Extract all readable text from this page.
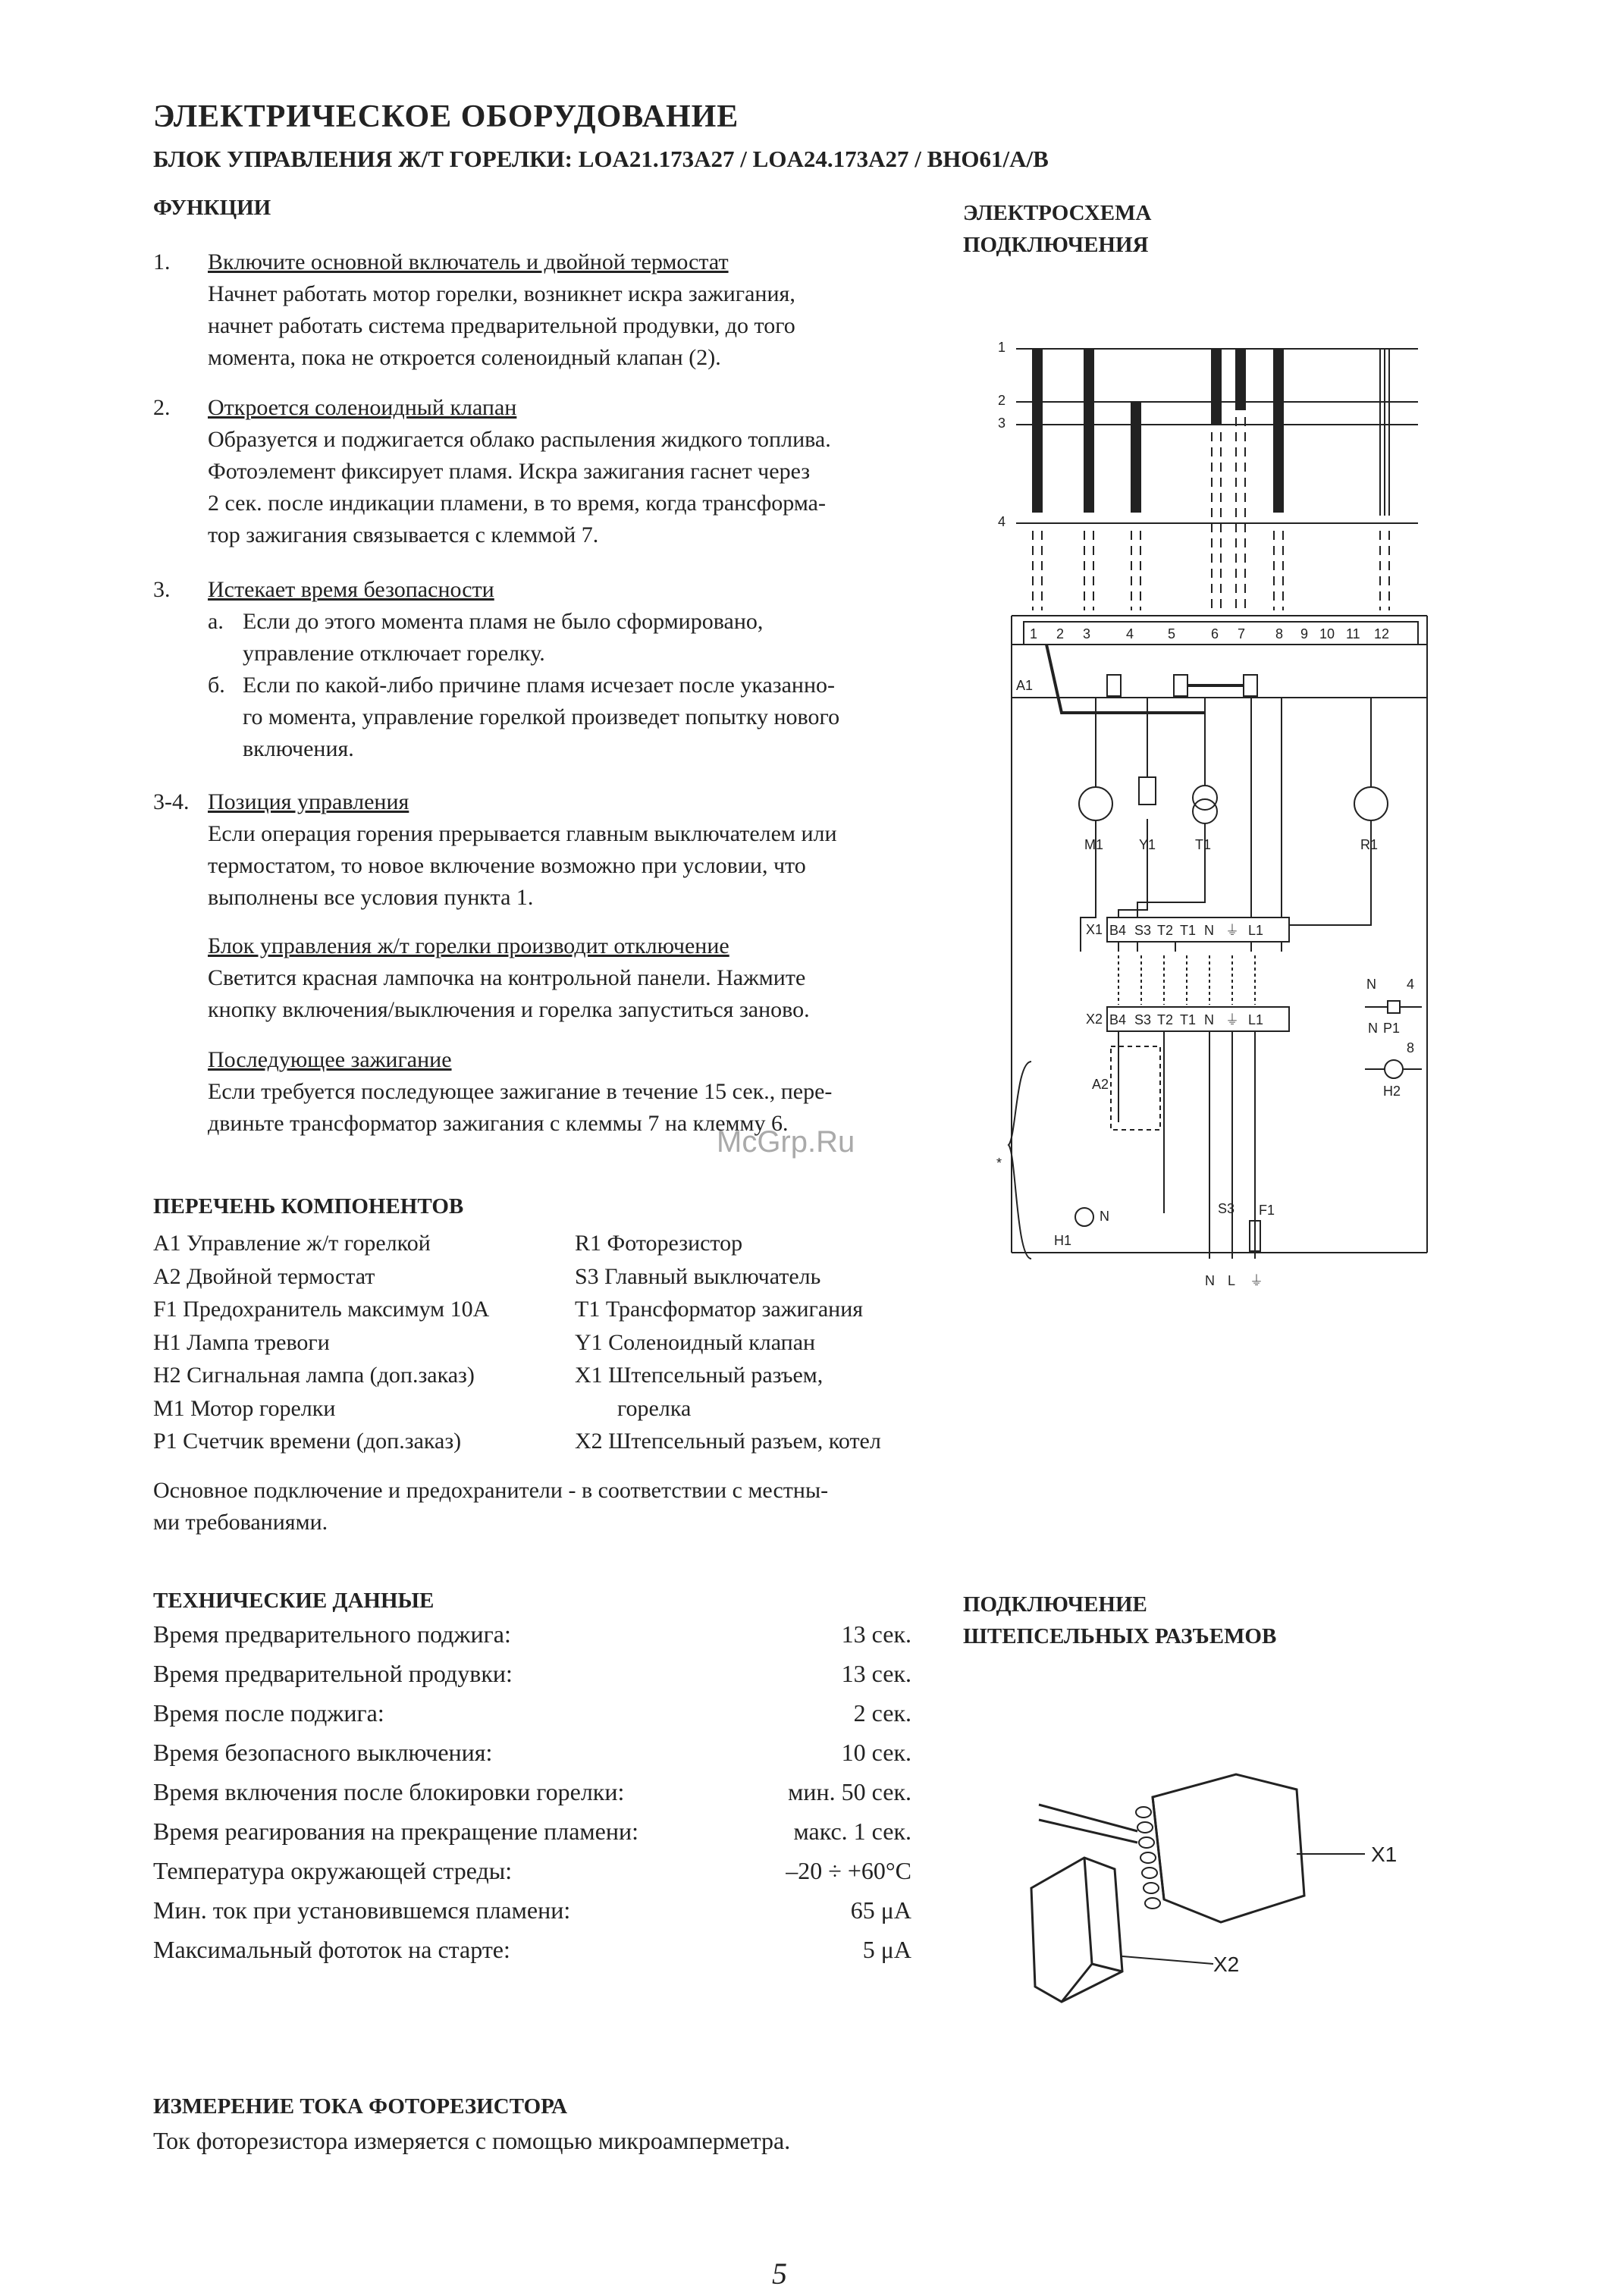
ЭЛЕКТРИЧЕСКОЕ ОБОРУДОВАНИЕ
БЛОК УПРАВЛЕНИЯ Ж/Т ГОРЕЛКИ: LOA21.173A27 / LOA24.173A27 / BHO61/A/B
ФУНКЦИИ
1. Включите основной включатель и двойной термостат
Начнет работать мотор горелки, возникнет искра зажигания,
начнет работать система предварительной продувки, до того
момента, пока не откроется соленоидный клапан (2).
2. Откроется соленоидный клапан
Образуется и поджигается облако распыления жидкого топлива.
Фотоэлемент фиксирует пламя. Искра зажигания гаснет через
2 сек. после индикации пламени, в то время, когда трансформа-
тор зажигания связывается с клеммой 7.
3. Истекает время безопасности
а. Если до этого момента пламя не было сформировано,
управление отключает горелку.
б. Если по какой-либо причине пламя исчезает после указанно-
го момента, управление горелкой произведет попытку нового
включения.
3-4. Позиция управления
Если операция горения прерывается главным выключателем или
термостатом, то новое включение возможно при условии, что
выполнены все условия пункта 1.
Блок управления ж/т горелки производит отключение
Светится красная лампочка на контрольной панели. Нажмите
кнопку включения/выключения и горелка запуститься заново.
Последующее зажигание
Если требуется последующее зажигание в течение 15 сек., пере-
двиньте трансформатор зажигания с клеммы 7 на клемму 6.
McGrp.Ru
ПЕРЕЧЕНЬ КОМПОНЕНТОВ
A1 Управление ж/т горелкой
A2 Двойной термостат
F1 Предохранитель максимум 10A
H1 Лампа тревоги
H2 Сигнальная лампа (доп.заказ)
M1 Мотор горелки
P1 Счетчик времени (доп.заказ)
R1 Фоторезистор
S3 Главный выключатель
T1 Трансформатор зажигания
Y1 Соленоидный клапан
X1 Штепсельный разъем,
горелка
X2 Штепсельный разъем, котел
Основное подключение и предохранители - в соответствии с местны-
ми требованиями.
ТЕХНИЧЕСКИЕ ДАННЫЕ
Время предварительного поджига:	13 сек.
Время предварительной продувки:	13 сек.
Время после поджига:	2 сек.
Время безопасного выключения:	10 сек.
Время включения после блокировки горелки:	мин. 50 сек.
Время реагирования на прекращение пламени:	макс. 1 сек.
Температура окружающей стреды:	–20 ÷ +60°C
Мин. ток при установившемся пламени:	65 μA
Максимальный фототок на старте:	5 μA
ИЗМЕРЕНИЕ ТОКА ФОТОРЕЗИСТОРА
Ток фоторезистора измеряется с помощью микроамперметра.
ЭЛЕКТРОСХЕМА
ПОДКЛЮЧЕНИЯ
ПОДКЛЮЧЕНИЕ
ШТЕПСЕЛЬНЫХ РАЗЪЕМОВ
1
2
3
4
A1
1 2 3	4 5	6 7 8 9 10 11 12
M1	Y1	T1	R1
X1
X2
B4 S3 T2 T1 N ⏚ L1
B4 S3 T2 T1 N ⏚ L1
A2
H1
N	S3 F1
N L ⏚
N 4
N P1
8
H2
*
X1
X2
5
